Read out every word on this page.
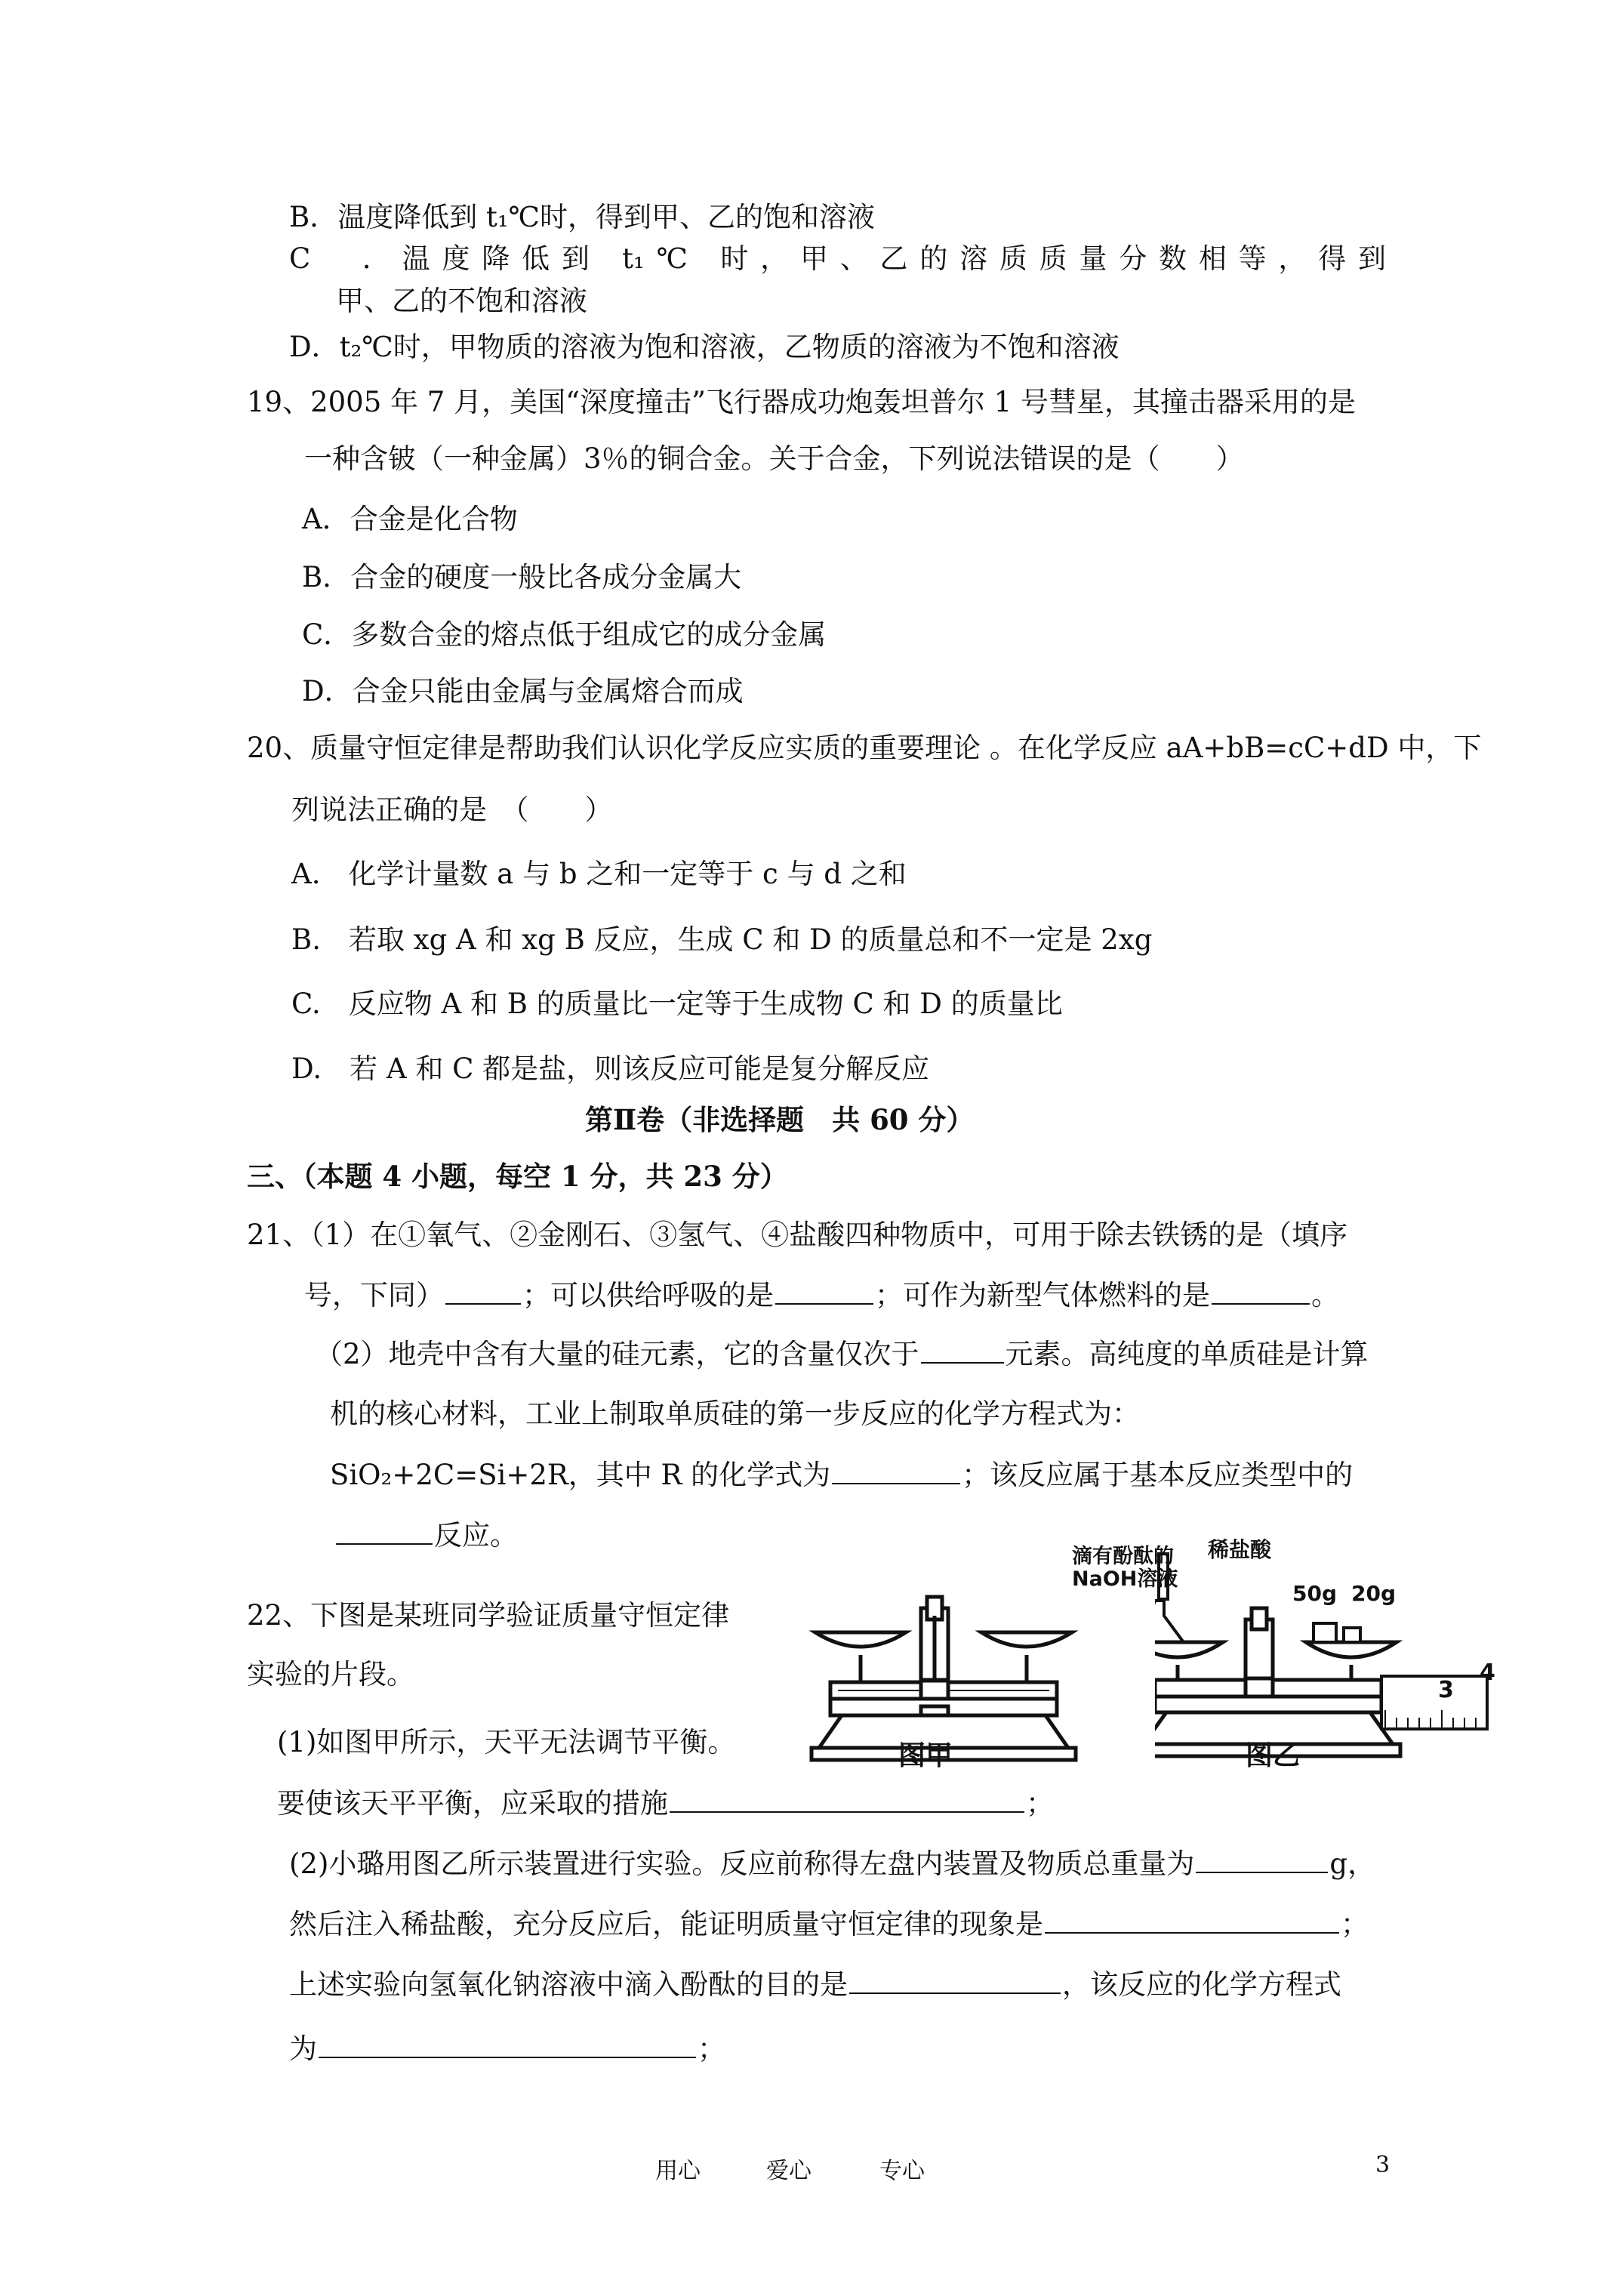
B．温度降低到 t₁℃时，得到甲、乙的饱和溶液
C　．温度降低到 t₁℃ 时，甲、乙的溶质质量分数相等，得到
甲、乙的不饱和溶液
D．t₂℃时，甲物质的溶液为饱和溶液，乙物质的溶液为不饱和溶液
19、2005 年 7 月，美国“深度撞击”飞行器成功炮轰坦普尔 1 号彗星，其撞击器采用的是
一种含铍（一种金属）3％的铜合金。关于合金，下列说法错误的是（　　）
A．合金是化合物
B．合金的硬度一般比各成分金属大
C．多数合金的熔点低于组成它的成分金属
D．合金只能由金属与金属熔合而成
20、质量守恒定律是帮助我们认识化学反应实质的重要理论 。在化学反应 aA+bB=cC+dD 中，下
列说法正确的是　（　　）
A.　化学计量数 a 与 b 之和一定等于 c 与 d 之和
B.　若取 xg A 和 xg B 反应，生成 C 和 D 的质量总和不一定是 2xg
C.　反应物 A 和 B 的质量比一定等于生成物 C 和 D 的质量比
D.　若 A 和 C 都是盐，则该反应可能是复分解反应
第Ⅱ卷（非选择题　共 60 分）
三、（本题 4 小题，每空 1 分，共 23 分）
21、（1）在①氧气、②金刚石、③氢气、④盐酸四种物质中，可用于除去铁锈的是（填序
号，下同）	；可以供给呼吸的是	；可作为新型气体燃料的是	。
（2）地壳中含有大量的硅元素，它的含量仅次于	元素。高纯度的单质硅是计算
机的核心材料，工业上制取单质硅的第一步反应的化学方程式为：
SiO₂+2C=Si+2R，其中 R 的化学式为	；该反应属于基本反应类型中的
反应。
22、下图是某班同学验证质量守恒定律
实验的片段。
(1)如图甲所示，天平无法调节平衡。
要使该天平平衡，应采取的措施	；
(2)小璐用图乙所示装置进行实验。反应前称得左盘内装置及物质总重量为	g，
然后注入稀盐酸，充分反应后，能证明质量守恒定律的现象是	；
上述实验向氢氧化钠溶液中滴入酚酞的目的是	，该反应的化学方程式
为	；
图甲
滴有酚酞的
NaOH溶液
稀盐酸
50g 20g
3
4
图乙
用心	爱心	专心	3
